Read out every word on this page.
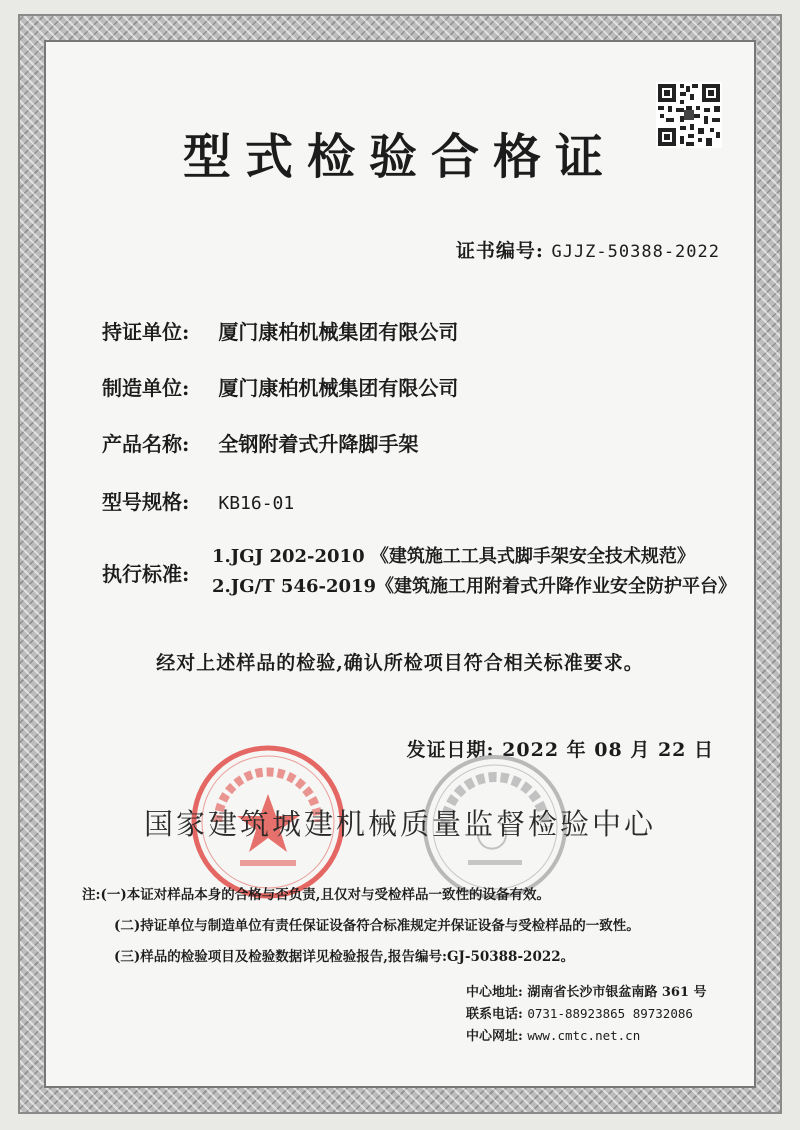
型式检验合格证
证书编号: GJJZ-50388-2022
持证单位: 厦门康柏机械集团有限公司
制造单位: 厦门康柏机械集团有限公司
产品名称: 全钢附着式升降脚手架
型号规格: KB16-01
执行标准:
1.JGJ 202-2010 《建筑施工工具式脚手架安全技术规范》
2.JG/T 546-2019《建筑施工用附着式升降作业安全防护平台》
经对上述样品的检验,确认所检项目符合相关标准要求。
发证日期: 2022 年 08 月 22 日
国家建筑城建机械质量监督检验中心
注:(一)本证对样品本身的合格与否负责,且仅对与受检样品一致性的设备有效。
(二)持证单位与制造单位有责任保证设备符合标准规定并保证设备与受检样品的一致性。
(三)样品的检验项目及检验数据详见检验报告,报告编号:GJ-50388-2022。
中心地址: 湖南省长沙市银盆南路 361 号
联系电话: 0731-88923865 89732086
中心网址: www.cmtc.net.cn
